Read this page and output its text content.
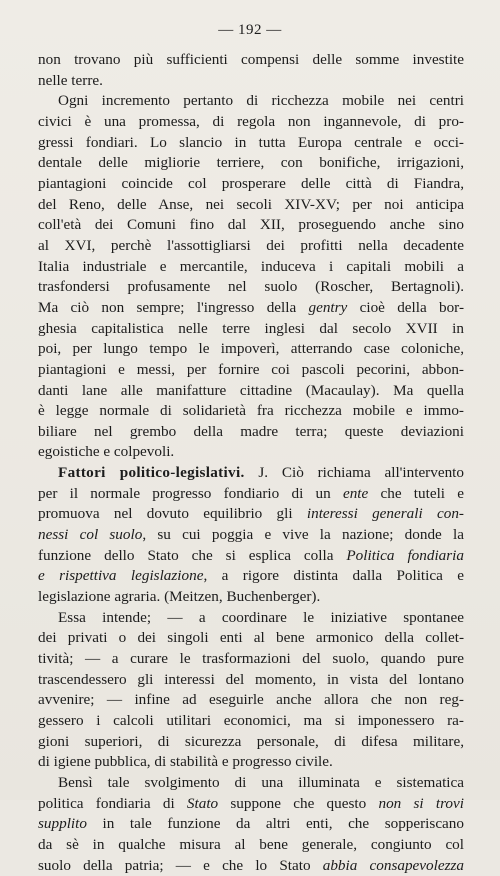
— 192 —
non trovano più sufficienti compensi delle somme investite
nelle terre.
Ogni incremento pertanto di ricchezza mobile nei centri
civici è una promessa, di regola non ingannevole, di pro-
gressi fondiari. Lo slancio in tutta Europa centrale e occi-
dentale delle migliorie terriere, con bonifiche, irrigazioni,
piantagioni coincide col prosperare delle città di Fiandra,
del Reno, delle Anse, nei secoli XIV-XV; per noi anticipa
coll'età dei Comuni fino dal XII, proseguendo anche sino
al XVI, perchè l'assottigliarsi dei profitti nella decadente
Italia industriale e mercantile, induceva i capitali mobili a
trasfondersi profusamente nel suolo (Roscher, Bertagnoli).
Ma ciò non sempre; l'ingresso della gentry cioè della bor-
ghesia capitalistica nelle terre inglesi dal secolo XVII in
poi, per lungo tempo le impoverì, atterrando case coloniche,
piantagioni e messi, per fornire coi pascoli pecorini, abbon-
danti lane alle manifatture cittadine (Macaulay). Ma quella
è legge normale di solidarietà fra ricchezza mobile e immo-
biliare nel grembo della madre terra; queste deviazioni
egoistiche e colpevoli.
Fattori politico-legislativi. J. Ciò richiama all'intervento
per il normale progresso fondiario di un ente che tuteli e
promuova nel dovuto equilibrio gli interessi generali con-
nessi col suolo, su cui poggia e vive la nazione; donde la
funzione dello Stato che si esplica colla Politica fondiaria
e rispettiva legislazione, a rigore distinta dalla Politica e
legislazione agraria. (Meitzen, Buchenberger).
Essa intende; — a coordinare le iniziative spontanee
dei privati o dei singoli enti al bene armonico della collet-
tività; — a curare le trasformazioni del suolo, quando pure
trascendessero gli interessi del momento, in vista del lontano
avvenire; — infine ad eseguirle anche allora che non reg-
gessero i calcoli utilitari economici, ma si imponessero ra-
gioni superiori, di sicurezza personale, di difesa militare,
di igiene pubblica, di stabilità e progresso civile.
Bensì tale svolgimento di una illuminata e sistematica
politica fondiaria di Stato suppone che questo non si trovi
supplito in tale funzione da altri enti, che sopperiscano
da sè in qualche misura al bene generale, congiunto col
suolo della patria; — e che lo Stato abbia consapevolezza
